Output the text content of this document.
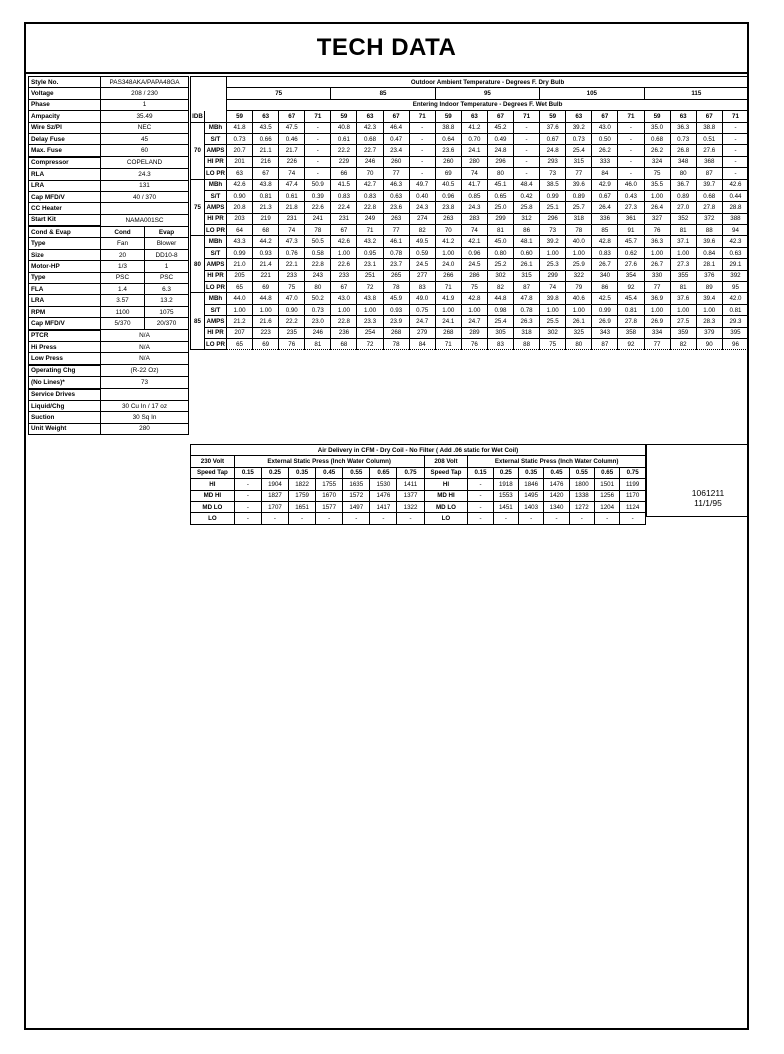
TECH DATA
Style No.	PAS348AKA/PAPA48GA	
Voltage	208 / 230	
Phase	1	
Ampacity	35.49	
Wire Sz/Pl	NEC	
Delay Fuse	45	
Max. Fuse	60	
Compressor	COPELAND	
RLA	24.3	
LRA	131	
Cap MFD/V	40 / 370	
CC Heater		
Start Kit	NAMA001SC	
Cond & Evap	Cond	Evap
Type	Fan	Blower
Size	20	DD10-8
Motor-HP	1/3	1
Type	PSC	PSC
FLA	1.4	6.3
LRA	3.57	13.2
RPM	1100	1075
Cap MFD/V	5/370	20/370
PTCR	N/A	
Hi Press	N/A	
Low Press	N/A	
Operating Chg	(R-22 Oz)	
(No Lines)*	73	
Service Drives		
Liquid/Chg	30 Cu In / 17 oz	
Suction	30 Sq In	
Unit Weight	280	
		Outdoor Ambient Temperature - Degrees F. Dry Bulb																			
		75				85				95				105				115			
		Entering Indoor Temperature - Degrees F. Wet Bulb																			
IDB		59	63	67	71	59	63	67	71	59	63	67	71	59	63	67	71	59	63	67	71
70	MBh	41.8	43.5	47.5	-	40.8	42.3	46.4	-	38.8	41.2	45.2	-	37.6	39.2	43.0	-	35.0	36.3	38.8	-
	S/T	0.73	0.66	0.46	-	0.61	0.68	0.47	-	0.64	0.70	0.49	-	0.67	0.73	0.50	-	0.68	0.73	0.51	-
	AMPS	20.7	21.1	21.7	-	22.2	22.7	23.4	-	23.6	24.1	24.8	-	24.8	25.4	26.2	-	26.2	26.8	27.6	-
	HI PR	201	216	226	-	229	246	260	-	260	280	296	-	293	315	333	-	324	348	368	-
	LO PR	63	67	74	-	66	70	77	-	69	74	80	-	73	77	84	-	75	80	87	-
75	MBh	42.6	43.8	47.4	50.9	41.5	42.7	46.3	49.7	40.5	41.7	45.1	48.4	38.5	39.6	42.9	46.0	35.5	36.7	39.7	42.6
	S/T	0.90	0.81	0.61	0.39	0.83	0.83	0.63	0.40	0.96	0.85	0.65	0.42	0.99	0.89	0.67	0.43	1.00	0.89	0.68	0.44
	AMPS	20.8	21.3	21.8	22.6	22.4	22.8	23.6	24.3	23.8	24.3	25.0	25.8	25.1	25.7	26.4	27.3	26.4	27.0	27.8	28.8
	HI PR	203	219	231	241	231	249	263	274	263	283	299	312	296	318	336	361	327	352	372	388
	LO PR	64	68	74	78	67	71	77	82	70	74	81	86	73	78	85	91	76	81	88	94
80	MBh	43.3	44.2	47.3	50.5	42.6	43.2	46.1	49.5	41.2	42.1	45.0	48.1	39.2	40.0	42.8	45.7	36.3	37.1	39.6	42.3
	S/T	0.99	0.93	0.76	0.58	1.00	0.95	0.78	0.59	1.00	0.96	0.80	0.60	1.00	1.00	0.83	0.62	1.00	1.00	0.84	0.63
	AMPS	21.0	21.4	22.1	22.8	22.6	23.1	23.7	24.5	24.0	24.5	25.2	26.1	25.3	25.9	26.7	27.6	26.7	27.3	28.1	29.1
	HI PR	205	221	233	243	233	251	265	277	266	286	302	315	299	322	340	354	330	355	376	392
	LO PR	65	69	75	80	67	72	78	83	71	75	82	87	74	79	86	92	77	81	89	95
85	MBh	44.0	44.8	47.0	50.2	43.0	43.8	45.9	49.0	41.9	42.8	44.8	47.8	39.8	40.6	42.5	45.4	36.9	37.6	39.4	42.0
	S/T	1.00	1.00	0.90	0.73	1.00	1.00	0.93	0.75	1.00	1.00	0.98	0.78	1.00	1.00	0.99	0.81	1.00	1.00	1.00	0.81
	AMPS	21.2	21.6	22.2	23.0	22.8	23.3	23.9	24.7	24.1	24.7	25.4	26.3	25.5	26.1	26.9	27.8	26.9	27.5	28.3	29.3
	HI PR	207	223	235	246	236	254	268	279	268	289	305	318	302	325	343	358	334	359	379	395
	LO PR	65	69	76	81	68	72	78	84	71	76	83	88	75	80	87	92	77	82	90	96
Air Delivery in CFM - Dry Coil - No Filter ( Add .06 static for Wet Coil)															
230 Volt	External Static Press (Inch Water Column)							208 Volt	External Static Press (Inch Water Column)						
Speed Tap	0.15	0.25	0.35	0.45	0.55	0.65	0.75	Speed Tap	0.15	0.25	0.35	0.45	0.55	0.65	0.75
HI	-	1904	1822	1755	1635	1530	1411	HI	-	1918	1846	1476	1800	1501	1199
MD HI	-	1827	1759	1670	1572	1476	1377	MD HI	-	1553	1495	1420	1338	1256	1170
MD LO	-	1707	1651	1577	1497	1417	1322	MD LO	-	1451	1403	1340	1272	1204	1124
LO	-	-	-	-	-	-	-	LO	-	-	-	-	-	-	-
1061211
11/1/95
